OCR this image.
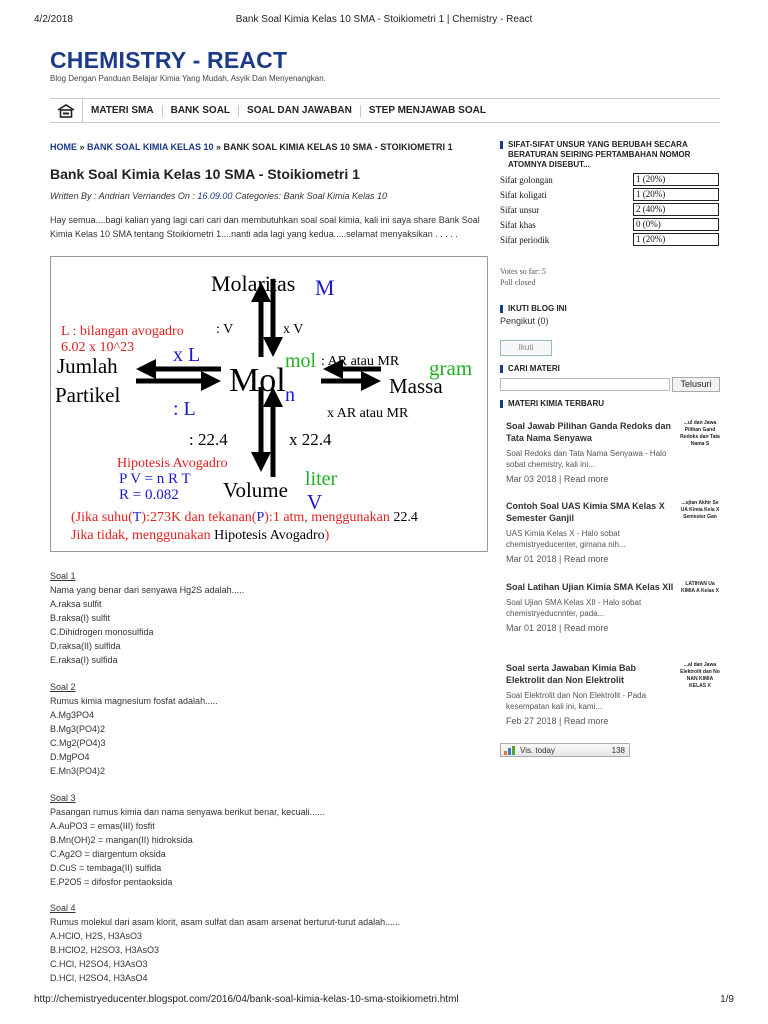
4/2/2018	Bank Soal Kimia Kelas 10 SMA - Stoikiometri 1 | Chemistry - React
CHEMISTRY - REACT
Blog Dengan Panduan Belajar Kimia Yang Mudah, Asyik Dan Menyenangkan.
MATERI SMA	BANK SOAL	SOAL DAN JAWABAN	STEP MENJAWAB SOAL
HOME » BANK SOAL KIMIA KELAS 10 » BANK SOAL KIMIA KELAS 10 SMA - STOIKIOMETRI 1
Bank Soal Kimia Kelas 10 SMA - Stoikiometri 1
Written By : Andrian Vernandes On : 16.09.00 Categories: Bank Soal Kimia Kelas 10

Hay semua....bagi kalian yang lagi cari cari dan membutuhkan soal soal kimia, kali ini saya share Bank Soal Kimia Kelas 10 SMA tentang Stoikiometri 1....nanti ada lagi yang kedua.....selamat menyaksikan . . . . .

Molaritas M
: V	x V
L : bilangan avogadro
6.02 x 10^23
Jumlah
Partikel
x L
: L
Mol n
mol : AR atau MR gram
Massa
x AR atau MR
: 22.4	x 22.4
Hipotesis Avogadro
P V = n R T
R = 0.082
liter
Volume V
(Jika suhu(T):273K dan tekanan(P):1 atm, menggunakan 22.4
Jika tidak, menggunakan Hipotesis Avogadro)
Soal 1
Nama yang benar dari senyawa Hg2S adalah.....
A.raksa sulfit
B.raksa(I) sulfit
C.Dihidrogen monosulfida
D.raksa(II) sulfida
E.raksa(I) sulfida
Soal 2
Rumus kimia magnesium fosfat adalah.....
A.Mg3PO4
B.Mg3(PO4)2
C.Mg2(PO4)3
D.MgPO4
E.Mn3(PO4)2
Soal 3
Pasangan rumus kimia dan nama senyawa berikut benar, kecuali......
A.AuPO3 = emas(III) fosfit
B.Mn(OH)2 = mangan(II) hidroksida
C.Ag2O = diargentum oksida
D.CuS = tembaga(II) sulfida
E.P2O5 = difosfor pentaoksida
Soal 4
Rumus molekul dari asam klorit, asam sulfat dan asam arsenat berturut-turut adalah......
A.HClO, H2S, H3AsO3
B.HClO2, H2SO3, H3AsO3
C.HCl, H2SO4, H3AsO3
D.HCl, H2SO4, H3AsO4
SIFAT-SIFAT UNSUR YANG BERUBAH SECARA BERATURAN SEIRING PERTAMBAHAN NOMOR ATOMNYA DISEBUT...
Sifat golongan	1 (20%)
Sifat koligati	1 (20%)
Sifat unsur	2 (40%)
Sifat khas	0 (0%)
Sifat periodik	1 (20%)
Votes so far: 5
Poll closed
IKUTI BLOG INI
Pengikut (0)
Ikuti
CARI MATERI
Telusuri
MATERI KIMIA TERBARU
Soal Jawab Pilihan Ganda Redoks dan Tata Nama Senyawa
Soal Redoks dan Tata Nama Senyawa - Halo sobat chemistry, kali ini...
Mar 03 2018 | Read more
...ul dan Jawa Pilihan Gand Redoks dan Tata Nama S
Contoh Soal UAS Kimia SMA Kelas X Semester Ganjil
UAS Kimia Kelas X - Halo sobat chemistryeducenter, gimana nih...
Mar 01 2018 | Read more
...ujian Akhir Se UA Kimia Kela X Semester Gan
Soal Latihan Ujian Kimia SMA Kelas XII
Soal Ujian SMA Kelas XII - Halo sobat chemistryeducnnter, pada...
Mar 01 2018 | Read more
LATIHAN Ua KIMIA A Kelas X
Soal serta Jawaban Kimia Bab Elektrolit dan Non Elektrolit
Soal Elektrolit dan Non Elektrolit - Pada kesempatan kali ini, kami...
Feb 27 2018 | Read more
...al dan Jawa Elektrolit dan No NAN KIMIA KELAS X
Vis. today	138
http://chemistryeducenter.blogspot.com/2016/04/bank-soal-kimia-kelas-10-sma-stoikiometri.html	1/9
